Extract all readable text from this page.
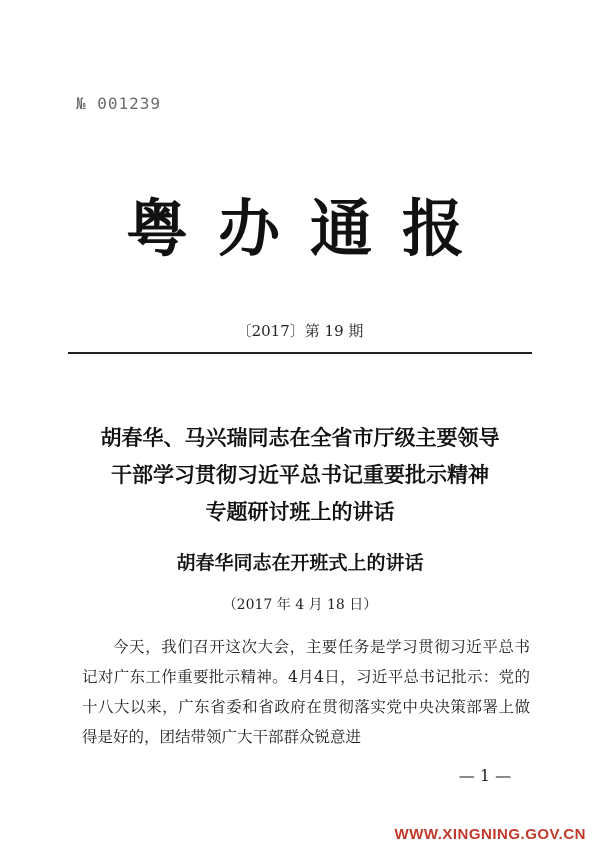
№ 001239
粤办通报
〔2017〕第 19 期
胡春华、马兴瑞同志在全省市厅级主要领导
干部学习贯彻习近平总书记重要批示精神
专题研讨班上的讲话
胡春华同志在开班式上的讲话
（2017 年 4 月 18 日）

今天，我们召开这次大会，主要任务是学习贯彻习近平总书记对广东工作重要批示精神。4月4日，习近平总书记批示：党的十八大以来，广东省委和省政府在贯彻落实党中央决策部署上做得是好的，团结带领广大干部群众锐意进

— 1 —
WWW.XINGNING.GOV.CN
